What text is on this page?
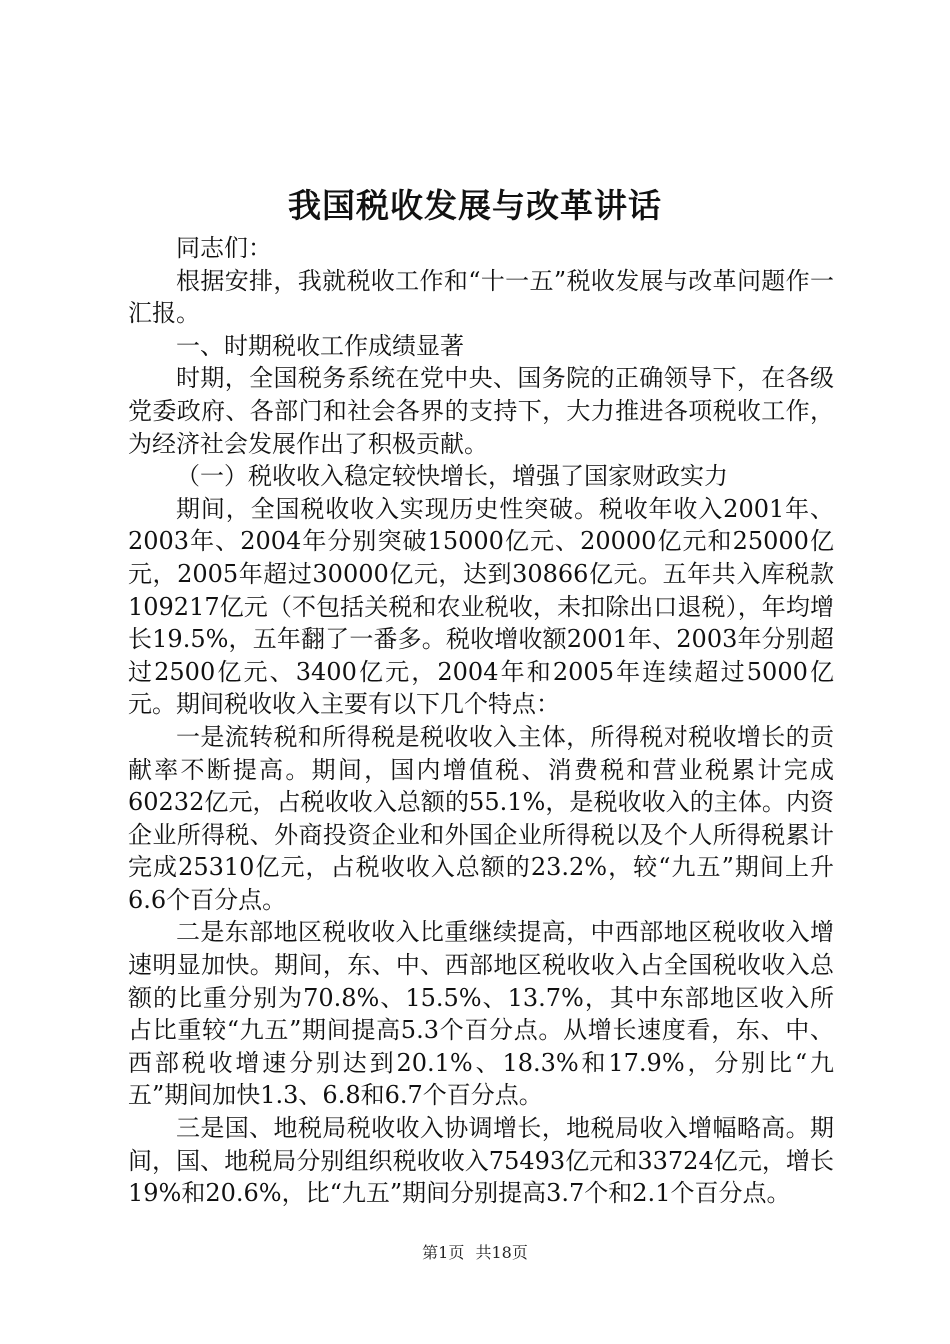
我国税收发展与改革讲话

同志们：

根据安排，我就税收工作和“十一五”税收发展与改革问题作一汇报。

一、时期税收工作成绩显著

时期，全国税务系统在党中央、国务院的正确领导下，在各级党委政府、各部门和社会各界的支持下，大力推进各项税收工作，为经济社会发展作出了积极贡献。

（一）税收收入稳定较快增长，增强了国家财政实力

期间，全国税收收入实现历史性突破。税收年收入2001年、2003年、2004年分别突破15000亿元、20000亿元和25000亿元，2005年超过30000亿元，达到30866亿元。五年共入库税款109217亿元（不包括关税和农业税收，未扣除出口退税），年均增长19.5%，五年翻了一番多。税收增收额2001年、2003年分别超过2500亿元、3400亿元，2004年和2005年连续超过5000亿元。期间税收收入主要有以下几个特点：

一是流转税和所得税是税收收入主体，所得税对税收增长的贡献率不断提高。期间，国内增值税、消费税和营业税累计完成60232亿元，占税收收入总额的55.1%，是税收收入的主体。内资企业所得税、外商投资企业和外国企业所得税以及个人所得税累计完成25310亿元，占税收收入总额的23.2%，较“九五”期间上升6.6个百分点。

二是东部地区税收收入比重继续提高，中西部地区税收收入增速明显加快。期间，东、中、西部地区税收收入占全国税收收入总额的比重分别为70.8%、15.5%、13.7%，其中东部地区收入所占比重较“九五”期间提高5.3个百分点。从增长速度看，东、中、西部税收增速分别达到20.1%、18.3%和17.9%，分别比“九五”期间加快1.3、6.8和6.7个百分点。

三是国、地税局税收收入协调增长，地税局收入增幅略高。期间，国、地税局分别组织税收收入75493亿元和33724亿元，增长19%和20.6%，比“九五”期间分别提高3.7个和2.1个百分点。

第1页 共18页
